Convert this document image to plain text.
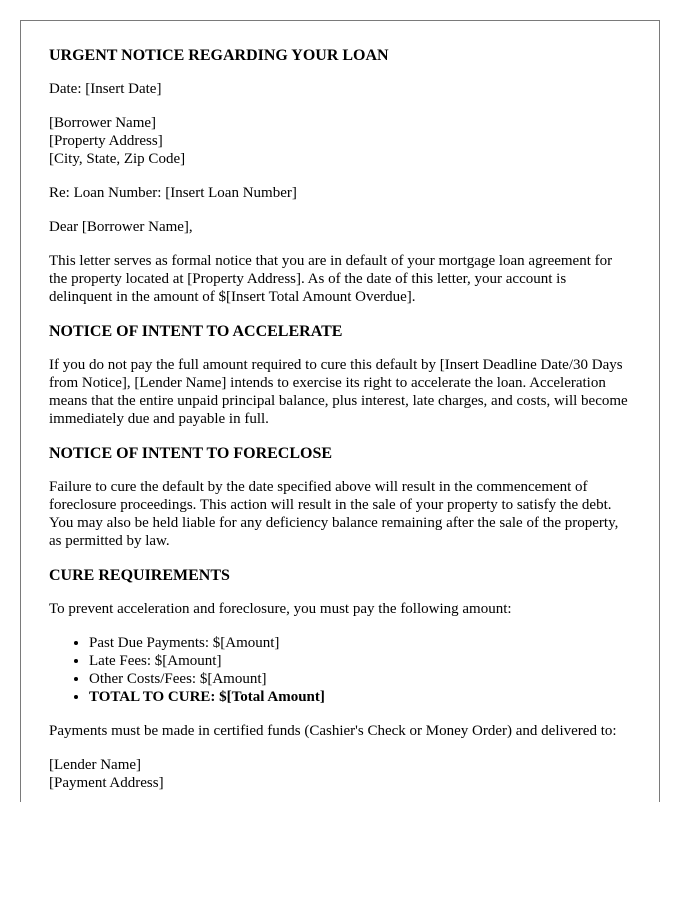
URGENT NOTICE REGARDING YOUR LOAN

Date: [Insert Date]

[Borrower Name]

[Property Address]

[City, State, Zip Code]

Re: Loan Number: [Insert Loan Number]

Dear [Borrower Name],

This letter serves as formal notice that you are in default of your mortgage loan agreement for the property located at [Property Address]. As of the date of this letter, your account is delinquent in the amount of $[Insert Total Amount Overdue].

NOTICE OF INTENT TO ACCELERATE

If you do not pay the full amount required to cure this default by [Insert Deadline Date/30 Days from Notice], [Lender Name] intends to exercise its right to accelerate the loan. Acceleration means that the entire unpaid principal balance, plus interest, late charges, and costs, will become immediately due and payable in full.

NOTICE OF INTENT TO FORECLOSE

Failure to cure the default by the date specified above will result in the commencement of foreclosure proceedings. This action will result in the sale of your property to satisfy the debt. You may also be held liable for any deficiency balance remaining after the sale of the property, as permitted by law.

CURE REQUIREMENTS

To prevent acceleration and foreclosure, you must pay the following amount:

• Past Due Payments: $[Amount]
• Late Fees: $[Amount]
• Other Costs/Fees: $[Amount]
• TOTAL TO CURE: $[Total Amount]

Payments must be made in certified funds (Cashier's Check or Money Order) and delivered to:

[Lender Name]

[Payment Address]
